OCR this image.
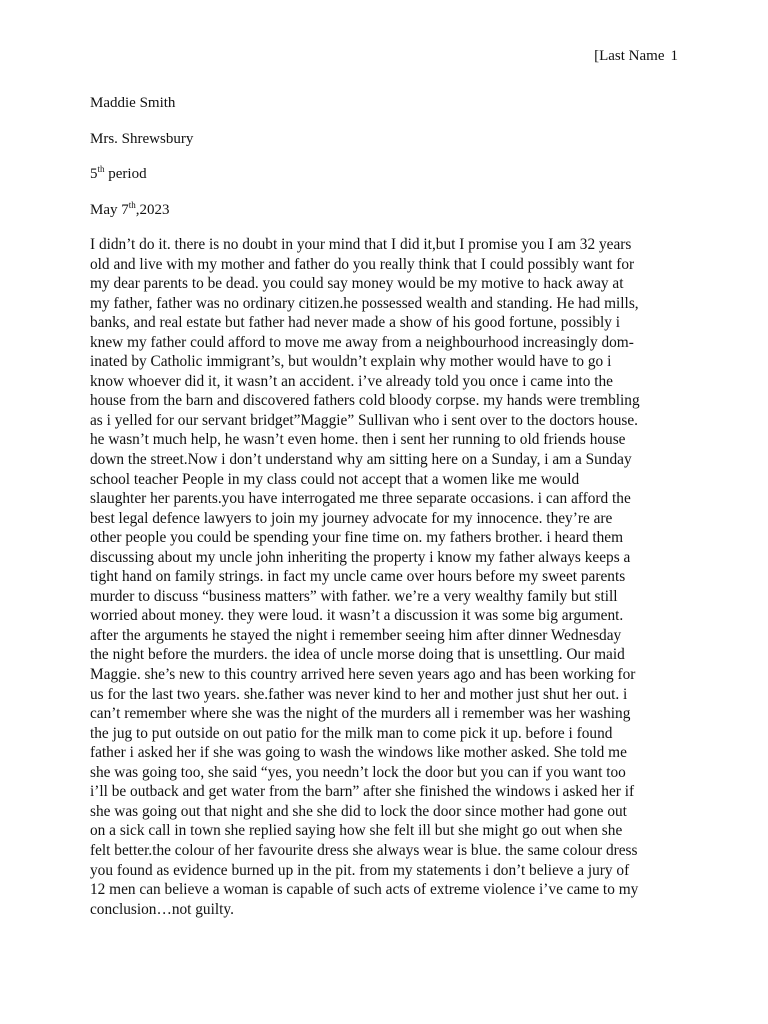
[Last Name 1
Maddie Smith
Mrs. Shrewsbury
5th period
May 7th,2023
I didn’t do it. there is no doubt in your mind that I did it,but I promise you I am 32 years
old and live with my mother and father do you really think that I could possibly want for
my dear parents to be dead. you could say money would be my motive to hack away at
my father, father was no ordinary citizen.he possessed wealth and standing. He had mills,
banks, and real estate but father had never made a show of his good fortune, possibly i
knew my father could afford to move me away from a neighbourhood increasingly dom-
inated by Catholic immigrant’s, but wouldn’t explain why mother would have to go i
know whoever did it, it wasn’t an accident. i’ve already told you once i came into the
house from the barn and discovered fathers cold bloody corpse. my hands were trembling
as i yelled for our servant bridget”Maggie” Sullivan who i sent over to the doctors house.
he wasn’t much help, he wasn’t even home. then i sent her running to old friends house
down the street.Now i don’t understand why am sitting here on a Sunday, i am a Sunday
school teacher People in my class could not accept that a women like me would
slaughter her parents.you have interrogated me three separate occasions. i can afford the
best legal defence lawyers to join my journey advocate for my innocence. they’re are
other people you could be spending your fine time on. my fathers brother. i heard them
discussing about my uncle john inheriting the property i know my father always keeps a
tight hand on family strings. in fact my uncle came over hours before my sweet parents
murder to discuss “business matters” with father. we’re a very wealthy family but still
worried about money. they were loud. it wasn’t a discussion it was some big argument.
after the arguments he stayed the night i remember seeing him after dinner Wednesday
the night before the murders. the idea of uncle morse doing that is unsettling. Our maid
Maggie. she’s new to this country arrived here seven years ago and has been working for
us for the last two years. she.father was never kind to her and mother just shut her out. i
can’t remember where she was the night of the murders all i remember was her washing
the jug to put outside on out patio for the milk man to come pick it up. before i found
father i asked her if she was going to wash the windows like mother asked. She told me
she was going too, she said “yes, you needn’t lock the door but you can if you want too
i’ll be outback and get water from the barn” after she finished the windows i asked her if
she was going out that night and she she did to lock the door since mother had gone out
on a sick call in town she replied saying how she felt ill but she might go out when she
felt better.the colour of her favourite dress she always wear is blue. the same colour dress
you found as evidence burned up in the pit. from my statements i don’t believe a jury of
12 men can believe a woman is capable of such acts of extreme violence i’ve came to my
conclusion…not guilty.
